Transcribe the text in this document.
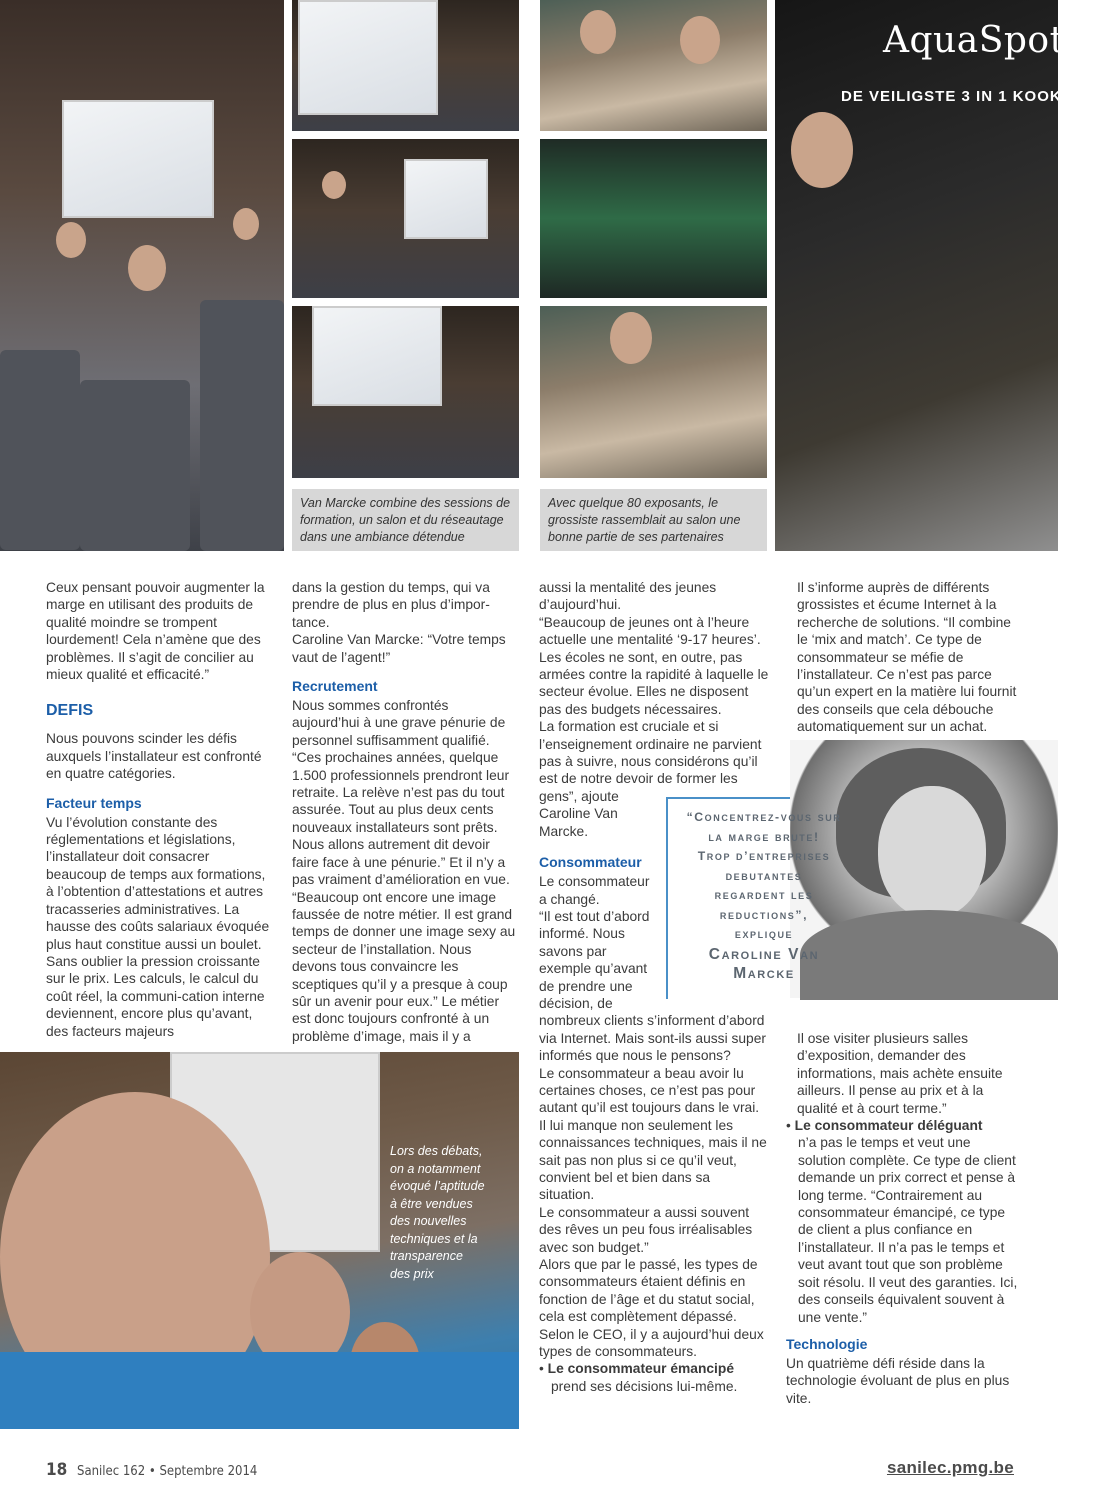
Van Marcke combine des sessions de formation, un salon et du réseautage dans une ambiance détendue
Avec quelque 80 exposants, le grossiste rassemblait au salon une bonne partie de ses partenaires
AquaSpot
DE VEILIGSTE 3 IN 1 KOOKKRA

Ceux pensant pouvoir augmenter la marge en utilisant des produits de qualité moindre se trompent lourdement! Cela n’amène que des problèmes. Il s’agit de concilier au mieux qualité et efficacité.”

DEFIS

Nous pouvons scinder les défis auxquels l’installateur est confronté en quatre catégories.

Facteur temps

Vu l’évolution constante des réglementations et législations, l’installateur doit consacrer beaucoup de temps aux formations, à l’obtention d’attestations et autres tracasseries administratives. La hausse des coûts salariaux évoquée plus haut constitue aussi un boulet. Sans oublier la pression croissante sur le prix. Les calculs, le calcul du coût réel, la communi-cation interne deviennent, encore plus qu’avant, des facteurs majeurs

dans la gestion du temps, qui va prendre de plus en plus d’impor-tance.

Caroline Van Marcke: “Votre temps vaut de l’agent!”

Recrutement

Nous sommes confrontés aujourd’hui à une grave pénurie de personnel suffisamment qualifié. “Ces prochaines années, quelque 1.500 professionnels prendront leur retraite. La relève n’est pas du tout assurée. Tout au plus deux cents nouveaux installateurs sont prêts. Nous allons autrement dit devoir faire face à une pénurie.” Et il n’y a pas vraiment d’amélioration en vue. “Beaucoup ont encore une image faussée de notre métier. Il est grand temps de donner une image sexy au secteur de l’installation. Nous devons tous convaincre les sceptiques qu’il y a presque à coup sûr un avenir pour eux.” Le métier est donc toujours confronté à un problème d’image, mais il y a

aussi la mentalité des jeunes d’aujourd’hui.

“Beaucoup de jeunes ont à l’heure actuelle une mentalité ‘9-17 heures’. Les écoles ne sont, en outre, pas armées contre la rapidité à laquelle le secteur évolue. Elles ne disposent pas des budgets nécessaires.

La formation est cruciale et si l’enseignement ordinaire ne parvient pas à suivre, nous considérons qu’il est de notre devoir de former les gens”, ajoute

Caroline Van

Marcke.

Consommateur

Le consommateur

a changé.

“Il est tout d’abord

informé. Nous

savons par

exemple qu’avant

de prendre une

décision, de

nombreux clients s’informent d’abord via Internet. Mais sont-ils aussi super informés que nous le pensons?

Le consommateur a beau avoir lu certaines choses, ce n’est pas pour autant qu’il est toujours dans le vrai. Il lui manque non seulement les connaissances techniques, mais il ne sait pas non plus si ce qu’il veut, convient bel et bien dans sa situation.

Le consommateur a aussi souvent des rêves un peu fous irréalisables avec son budget.”

Alors que par le passé, les types de consommateurs étaient définis en fonction de l’âge et du statut social, cela est complètement dépassé.

Selon le CEO, il y a aujourd’hui deux types de consommateurs.

• Le consommateur émancipé
prend ses décisions lui-même.

“Concentrez-vous sur
la marge brute!
Trop d’entreprises
debutantes
regardent les
reductions”,
explique
Caroline Van
Marcke

Il s’informe auprès de différents grossistes et écume Internet à la recherche de solutions. “Il combine le ‘mix and match’. Ce type de consommateur se méfie de l’installateur. Ce n’est pas parce qu’un expert en la matière lui fournit des conseils que cela débouche automatiquement sur un achat.

Il ose visiter plusieurs salles d’exposition, demander des informations, mais achète ensuite ailleurs. Il pense au prix et à la qualité et à court terme.”

• Le consommateur déléguant
n’a pas le temps et veut une solution complète. Ce type de client demande un prix correct et pense à long terme. “Contrairement au consommateur émancipé, ce type de client a plus confiance en l’installateur. Il n’a pas le temps et veut avant tout que son problème soit résolu. Il veut des garanties. Ici, des conseils équivalent souvent à une vente.”

Technologie

Un quatrième défi réside dans la technologie évoluant de plus en plus vite.

Lors des débats, on a notamment évoqué l’aptitude à être vendues des nouvelles techniques et la transparence des prix
18 Sanilec 162 • Septembre 2014	sanilec.pmg.be
